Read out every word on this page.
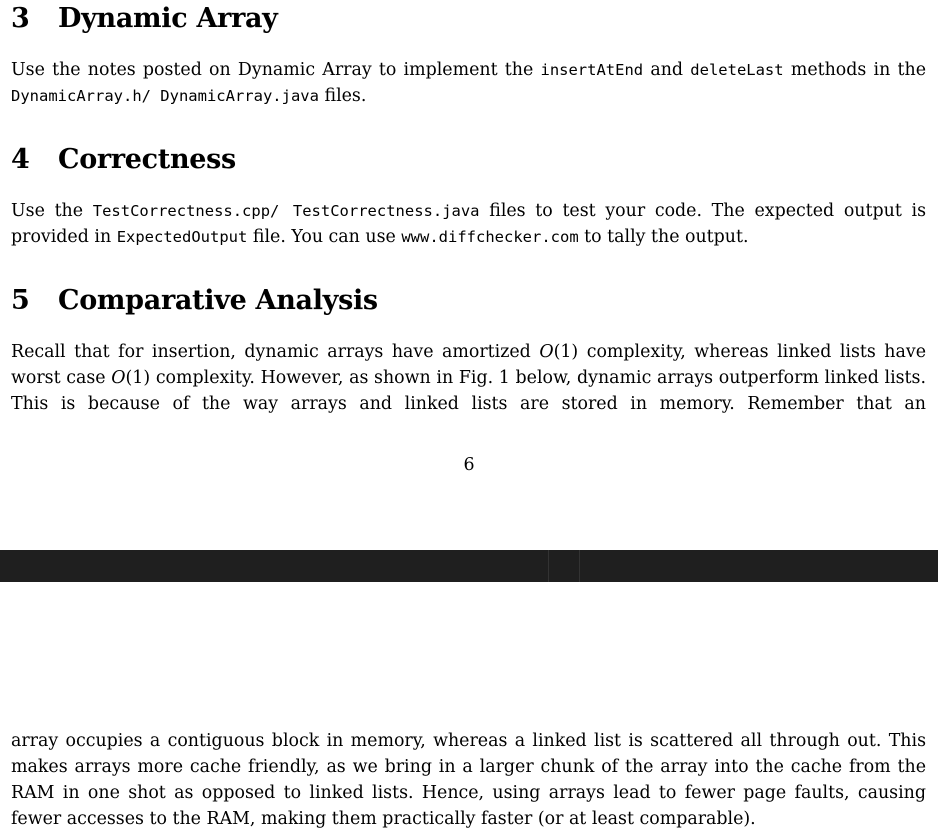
3 Dynamic Array

Use the notes posted on Dynamic Array to implement the insertAtEnd and deleteLast methods in the DynamicArray.h/ DynamicArray.java files.

4 Correctness

Use the TestCorrectness.cpp/ TestCorrectness.java files to test your code. The expected output is provided in ExpectedOutput file. You can use www.diffchecker.com to tally the output.

5 Comparative Analysis

Recall that for insertion, dynamic arrays have amortized O(1) complexity, whereas linked lists have worst case O(1) complexity. However, as shown in Fig. 1 below, dynamic arrays outperform linked lists. This is because of the way arrays and linked lists are stored in memory. Remember that an

6

array occupies a contiguous block in memory, whereas a linked list is scattered all through out. This makes arrays more cache friendly, as we bring in a larger chunk of the array into the cache from the RAM in one shot as opposed to linked lists. Hence, using arrays lead to fewer page faults, causing fewer accesses to the RAM, making them practically faster (or at least comparable).
